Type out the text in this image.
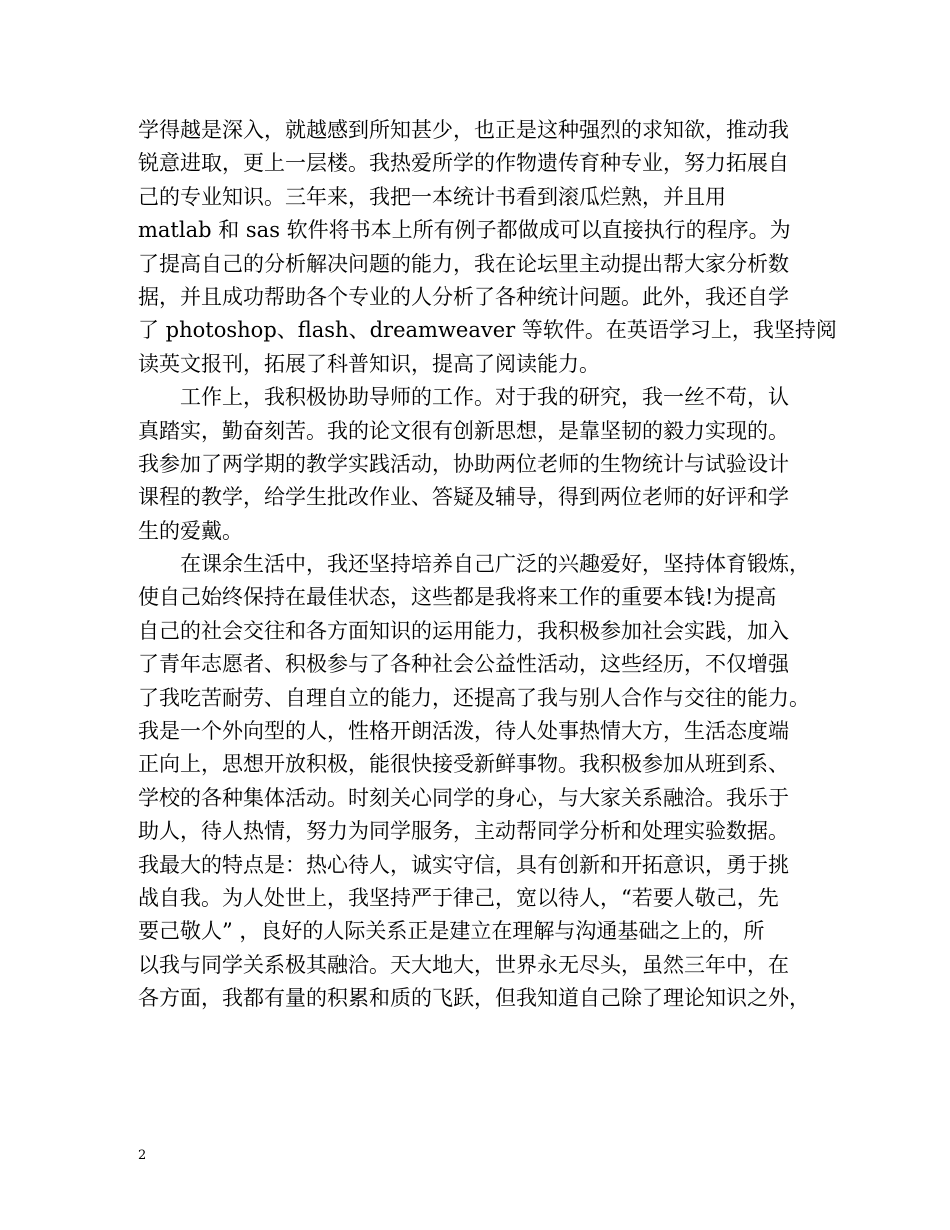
学得越是深入，就越感到所知甚少，也正是这种强烈的求知欲，推动我
锐意进取，更上一层楼。我热爱所学的作物遗传育种专业，努力拓展自
己的专业知识。三年来，我把一本统计书看到滚瓜烂熟，并且用
matlab 和 sas 软件将书本上所有例子都做成可以直接执行的程序。为
了提高自己的分析解决问题的能力，我在论坛里主动提出帮大家分析数
据，并且成功帮助各个专业的人分析了各种统计问题。此外，我还自学
了 photoshop、flash、dreamweaver 等软件。在英语学习上，我坚持阅
读英文报刊，拓展了科普知识，提高了阅读能力。
工作上，我积极协助导师的工作。对于我的研究，我一丝不苟，认
真踏实，勤奋刻苦。我的论文很有创新思想，是靠坚韧的毅力实现的。
我参加了两学期的教学实践活动，协助两位老师的生物统计与试验设计
课程的教学，给学生批改作业、答疑及辅导，得到两位老师的好评和学
生的爱戴。
在课余生活中，我还坚持培养自己广泛的兴趣爱好，坚持体育锻炼，
使自己始终保持在最佳状态，这些都是我将来工作的重要本钱!为提高
自己的社会交往和各方面知识的运用能力，我积极参加社会实践，加入
了青年志愿者、积极参与了各种社会公益性活动，这些经历，不仅增强
了我吃苦耐劳、自理自立的能力，还提高了我与别人合作与交往的能力。
我是一个外向型的人，性格开朗活泼，待人处事热情大方，生活态度端
正向上，思想开放积极，能很快接受新鲜事物。我积极参加从班到系、
学校的各种集体活动。时刻关心同学的身心，与大家关系融洽。我乐于
助人，待人热情，努力为同学服务，主动帮同学分析和处理实验数据。
我最大的特点是：热心待人，诚实守信，具有创新和开拓意识，勇于挑
战自我。为人处世上，我坚持严于律己，宽以待人，“若要人敬己，先
要己敬人” ，良好的人际关系正是建立在理解与沟通基础之上的，所
以我与同学关系极其融洽。天大地大，世界永无尽头，虽然三年中，在
各方面，我都有量的积累和质的飞跃，但我知道自己除了理论知识之外，
2
